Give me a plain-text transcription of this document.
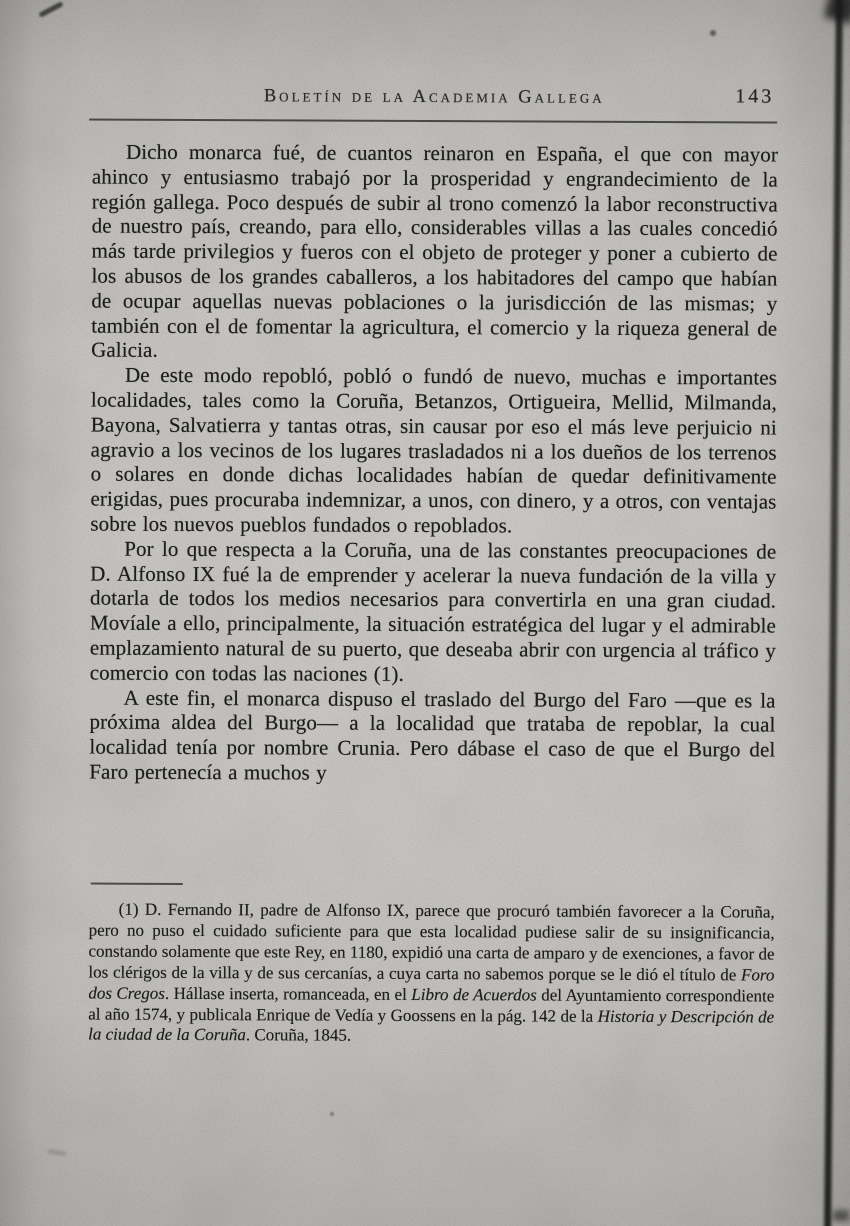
Boletín de la Academia Gallega	143

Dicho monarca fué, de cuantos reinaron en España, el que con mayor ahinco y entusiasmo trabajó por la prosperidad y engrandecimiento de la región gallega. Poco después de subir al trono comenzó la labor reconstructiva de nuestro país, creando, para ello, considerables villas a las cuales concedió más tarde privilegios y fueros con el objeto de proteger y poner a cubierto de los abusos de los grandes caballeros, a los habitadores del campo que habían de ocupar aquellas nuevas poblaciones o la jurisdicción de las mismas; y también con el de fomentar la agricultura, el comercio y la riqueza general de Galicia.

De este modo repobló, pobló o fundó de nuevo, muchas e importantes localidades, tales como la Coruña, Betanzos, Ortigueira, Mellid, Milmanda, Bayona, Salvatierra y tantas otras, sin causar por eso el más leve perjuicio ni agravio a los vecinos de los lugares trasladados ni a los dueños de los terrenos o solares en donde dichas localidades habían de quedar definitivamente erigidas, pues procuraba indemnizar, a unos, con dinero, y a otros, con ventajas sobre los nuevos pueblos fundados o repoblados.

Por lo que respecta a la Coruña, una de las constantes preocupaciones de D. Alfonso IX fué la de emprender y acelerar la nueva fundación de la villa y dotarla de todos los medios necesarios para convertirla en una gran ciudad. Movíale a ello, principalmente, la situación estratégica del lugar y el admirable emplazamiento natural de su puerto, que deseaba abrir con urgencia al tráfico y comercio con todas las naciones (1).

A este fin, el monarca dispuso el traslado del Burgo del Faro —que es la próxima aldea del Burgo— a la localidad que trataba de repoblar, la cual localidad tenía por nombre Crunia. Pero dábase el caso de que el Burgo del Faro pertenecía a muchos y

(1) D. Fernando II, padre de Alfonso IX, parece que procuró también favorecer a la Coruña, pero no puso el cuidado suficiente para que esta localidad pudiese salir de su insignificancia, constando solamente que este Rey, en 1180, expidió una carta de amparo y de exenciones, a favor de los clérigos de la villa y de sus cercanías, a cuya carta no sabemos porque se le dió el título de Foro dos Cregos. Hállase inserta, romanceada, en el Libro de Acuerdos del Ayuntamiento correspondiente al año 1574, y publicala Enrique de Vedía y Goossens en la pág. 142 de la Historia y Descripción de la ciudad de la Coruña. Coruña, 1845.
